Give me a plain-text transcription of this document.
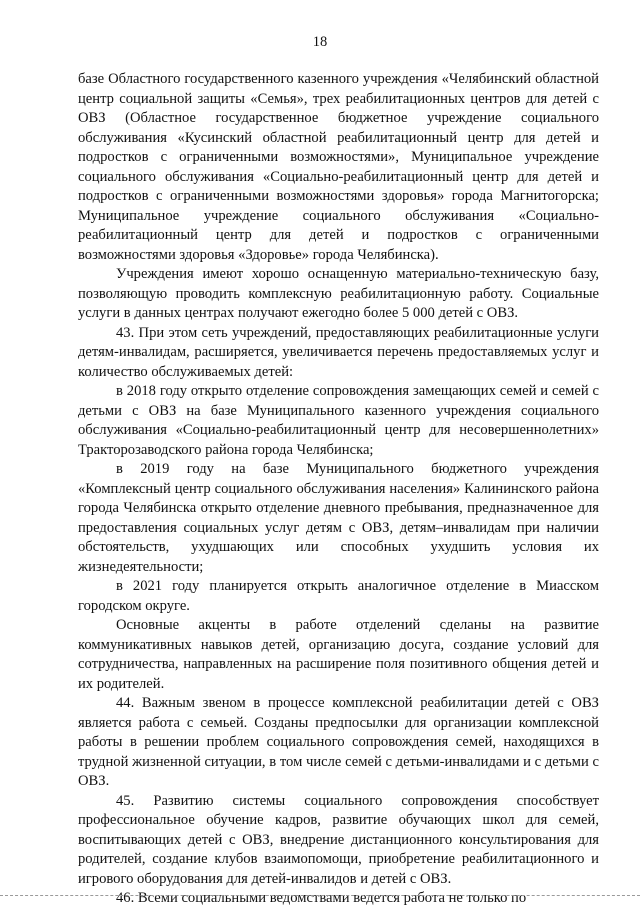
18

базе Областного государственного казенного учреждения «Челябинский областной центр социальной защиты «Семья», трех реабилитационных центров для детей с ОВЗ (Областное государственное бюджетное учреждение социального обслуживания «Кусинский областной реабилитационный центр для детей и подростков с ограниченными возможностями», Муниципальное учреждение социального обслуживания «Социально-реабилитационный центр для детей и подростков с ограниченными возможностями здоровья» города Магнитогорска; Муниципальное учреждение социального обслуживания «Социально-реабилитационный центр для детей и подростков с ограниченными возможностями здоровья «Здоровье» города Челябинска).

Учреждения имеют хорошо оснащенную материально-техническую базу, позволяющую проводить комплексную реабилитационную работу. Социальные услуги в данных центрах получают ежегодно более 5 000 детей с ОВЗ.

43. При этом сеть учреждений, предоставляющих реабилитационные услуги детям-инвалидам, расширяется, увеличивается перечень предоставляемых услуг и количество обслуживаемых детей:

в 2018 году открыто отделение сопровождения замещающих семей и семей с детьми с ОВЗ на базе Муниципального казенного учреждения социального обслуживания «Социально-реабилитационный центр для несовершеннолетних» Тракторозаводского района города Челябинска;

в 2019 году на базе Муниципального бюджетного учреждения «Комплексный центр социального обслуживания населения» Калининского района города Челябинска открыто отделение дневного пребывания, предназначенное для предоставления социальных услуг детям с ОВЗ, детям–инвалидам при наличии обстоятельств, ухудшающих или способных ухудшить условия их жизнедеятельности;

в 2021 году планируется открыть аналогичное отделение в Миасском городском округе.

Основные акценты в работе отделений сделаны на развитие коммуникативных навыков детей, организацию досуга, создание условий для сотрудничества, направленных на расширение поля позитивного общения детей и их родителей.

44. Важным звеном в процессе комплексной реабилитации детей с ОВЗ является работа с семьей. Созданы предпосылки для организации комплексной работы в решении проблем социального сопровождения семей, находящихся в трудной жизненной ситуации, в том числе семей с детьми-инвалидами и с детьми с ОВЗ.

45. Развитию системы социального сопровождения способствует профессиональное обучение кадров, развитие обучающих школ для семей, воспитывающих детей с ОВЗ, внедрение дистанционного консультирования для родителей, создание клубов взаимопомощи, приобретение реабилитационного и игрового оборудования для детей-инвалидов и детей с ОВЗ.

46. Всеми социальными ведомствами ведется работа не только по
